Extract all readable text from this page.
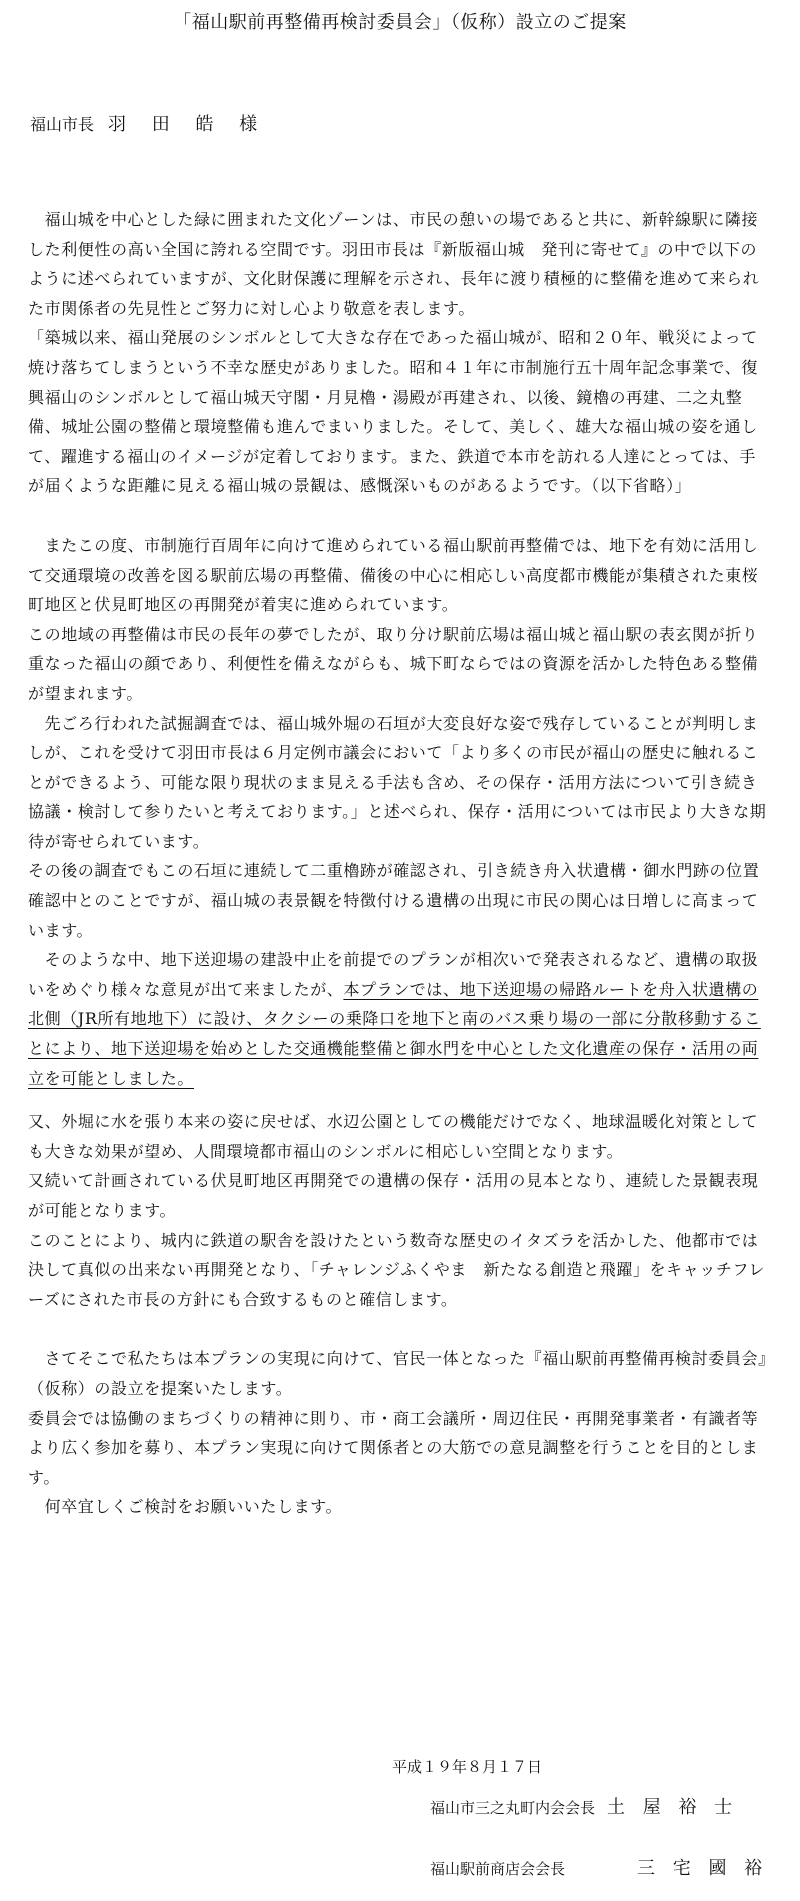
「福山駅前再整備再検討委員会」（仮称）設立のご提案
福山市長 羽 田 皓 様

　福山城を中心とした緑に囲まれた文化ゾーンは、市民の憩いの場であると共に、新幹線駅に隣接した利便性の高い全国に誇れる空間です。羽田市長は『新版福山城　発刊に寄せて』の中で以下のように述べられていますが、文化財保護に理解を示され、長年に渡り積極的に整備を進めて来られた市関係者の先見性とご努力に対し心より敬意を表します。

「築城以来、福山発展のシンボルとして大きな存在であった福山城が、昭和２０年、戦災によって焼け落ちてしまうという不幸な歴史がありました。昭和４１年に市制施行五十周年記念事業で、復興福山のシンボルとして福山城天守閣・月見櫓・湯殿が再建され、以後、鏡櫓の再建、二之丸整備、城址公園の整備と環境整備も進んでまいりました。そして、美しく、雄大な福山城の姿を通して、躍進する福山のイメージが定着しております。また、鉄道で本市を訪れる人達にとっては、手が届くような距離に見える福山城の景観は、感慨深いものがあるようです。（以下省略）」

　またこの度、市制施行百周年に向けて進められている福山駅前再整備では、地下を有効に活用して交通環境の改善を図る駅前広場の再整備、備後の中心に相応しい高度都市機能が集積された東桜町地区と伏見町地区の再開発が着実に進められています。

この地域の再整備は市民の長年の夢でしたが、取り分け駅前広場は福山城と福山駅の表玄関が折り重なった福山の顔であり、利便性を備えながらも、城下町ならではの資源を活かした特色ある整備が望まれます。

　先ごろ行われた試掘調査では、福山城外堀の石垣が大変良好な姿で残存していることが判明しましが、これを受けて羽田市長は６月定例市議会において「より多くの市民が福山の歴史に触れることができるよう、可能な限り現状のまま見える手法も含め、その保存・活用方法について引き続き協議・検討して参りたいと考えております。」と述べられ、保存・活用については市民より大きな期待が寄せられています。

その後の調査でもこの石垣に連続して二重櫓跡が確認され、引き続き舟入状遺構・御水門跡の位置確認中とのことですが、福山城の表景観を特徴付ける遺構の出現に市民の関心は日増しに高まっています。

　そのような中、地下送迎場の建設中止を前提でのプランが相次いで発表されるなど、遺構の取扱いをめぐり様々な意見が出て来ましたが、本プランでは、地下送迎場の帰路ルートを舟入状遺構の北側（JR所有地地下）に設け、タクシーの乗降口を地下と南のバス乗り場の一部に分散移動することにより、地下送迎場を始めとした交通機能整備と御水門を中心とした文化遺産の保存・活用の両立を可能としました。

又、外堀に水を張り本来の姿に戻せば、水辺公園としての機能だけでなく、地球温暖化対策としても大きな効果が望め、人間環境都市福山のシンボルに相応しい空間となります。

又続いて計画されている伏見町地区再開発での遺構の保存・活用の見本となり、連続した景観表現が可能となります。

このことにより、城内に鉄道の駅舎を設けたという数奇な歴史のイタズラを活かした、他都市では決して真似の出来ない再開発となり、「チャレンジふくやま　新たなる創造と飛躍」をキャッチフレーズにされた市長の方針にも合致するものと確信します。

　さてそこで私たちは本プランの実現に向けて、官民一体となった『福山駅前再整備再検討委員会』（仮称）の設立を提案いたします。

委員会では協働のまちづくりの精神に則り、市・商工会議所・周辺住民・再開発事業者・有識者等より広く参加を募り、本プラン実現に向けて関係者との大筋での意見調整を行うことを目的とします。

　何卒宜しくご検討をお願いいたします。

平成１９年８月１７日
福山市三之丸町内会会長 土 屋 裕 士
福山駅前商店会会長	三 宅 國 裕
